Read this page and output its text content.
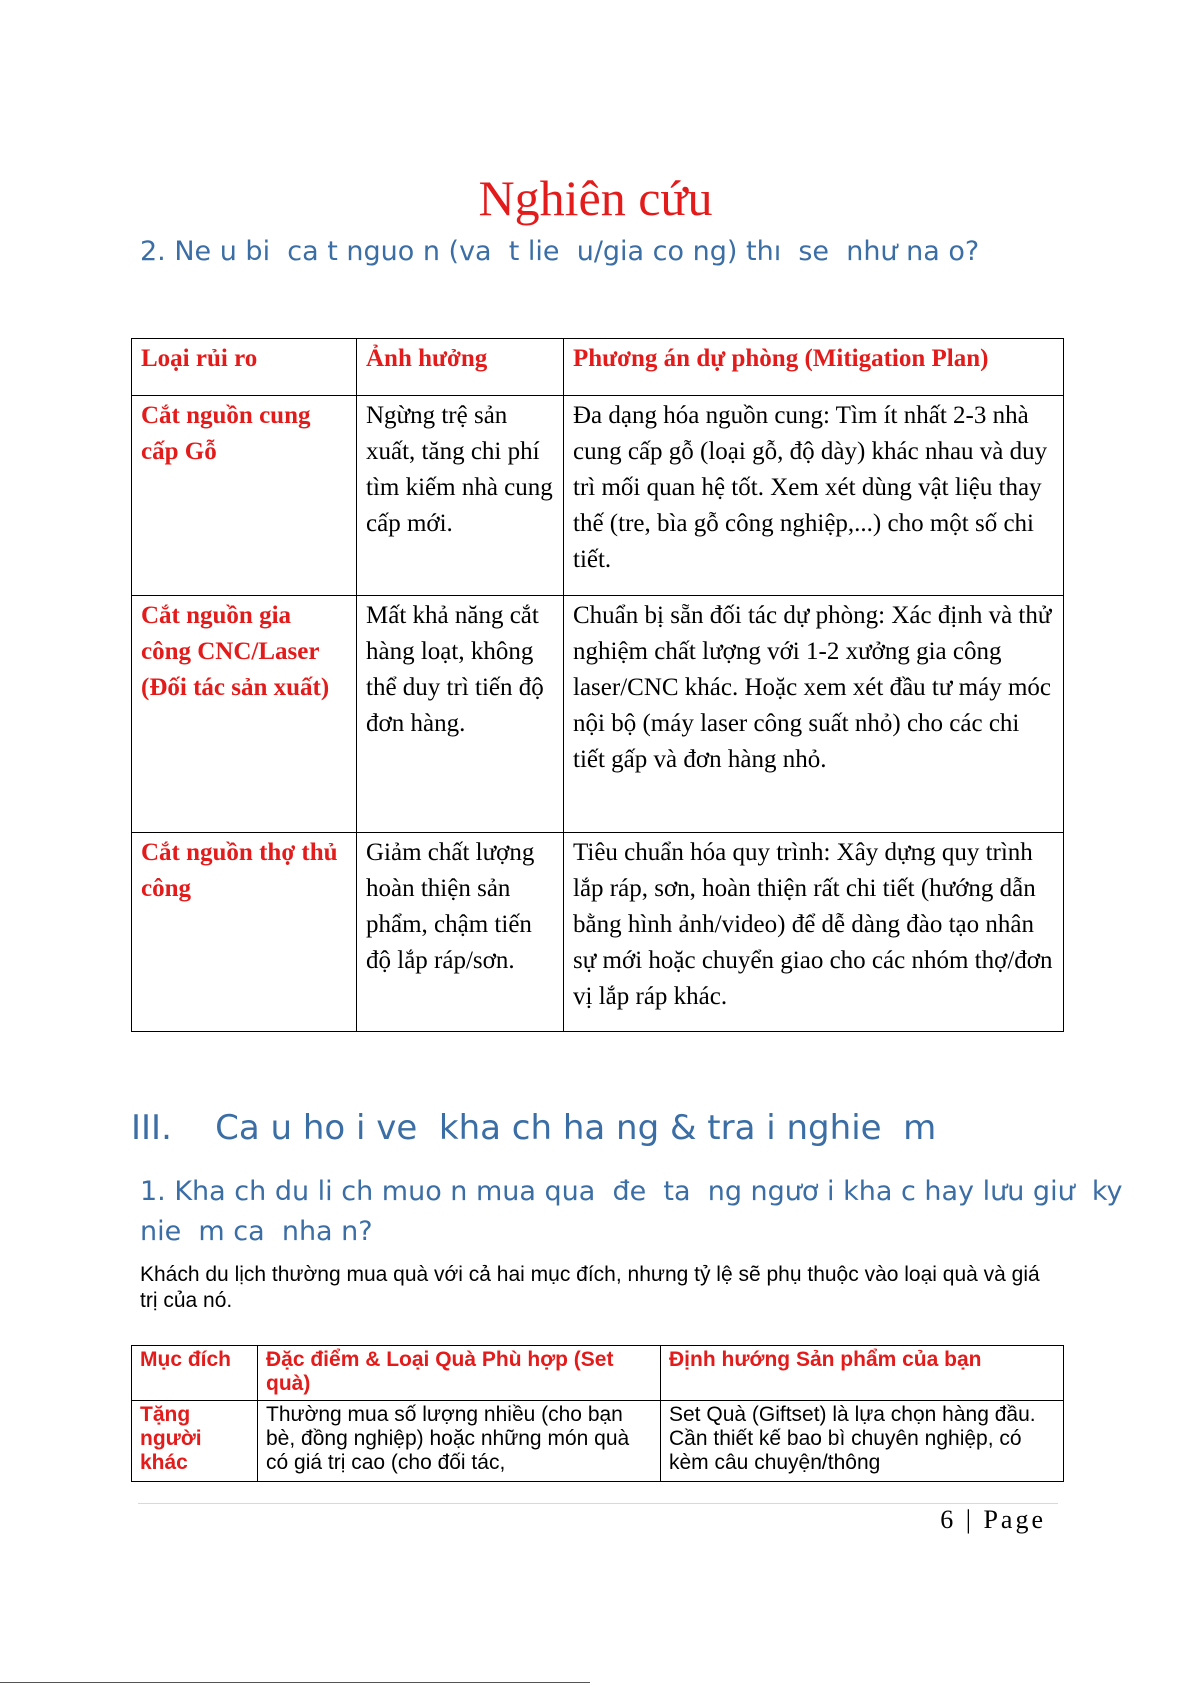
Nghiên cứu
2. Ne u bi  ca t nguo n (va  t lie  u/gia co ng) thı  se  như na o?
Loại rủi ro	Ảnh hưởng	Phương án dự phòng (Mitigation Plan)
Cắt nguồn cung cấp Gỗ	Ngừng trệ sản xuất, tăng chi phí tìm kiếm nhà cung cấp mới.	Đa dạng hóa nguồn cung: Tìm ít nhất 2-3 nhà cung cấp gỗ (loại gỗ, độ dày) khác nhau và duy trì mối quan hệ tốt. Xem xét dùng vật liệu thay thế (tre, bìa gỗ công nghiệp,...) cho một số chi tiết.
Cắt nguồn gia công CNC/Laser (Đối tác sản xuất)	Mất khả năng cắt hàng loạt, không thể duy trì tiến độ đơn hàng.	Chuẩn bị sẵn đối tác dự phòng: Xác định và thử nghiệm chất lượng với 1-2 xưởng gia công laser/CNC khác. Hoặc xem xét đầu tư máy móc nội bộ (máy laser công suất nhỏ) cho các chi tiết gấp và đơn hàng nhỏ.
Cắt nguồn thợ thủ công	Giảm chất lượng hoàn thiện sản phẩm, chậm tiến độ lắp ráp/sơn.	Tiêu chuẩn hóa quy trình: Xây dựng quy trình lắp ráp, sơn, hoàn thiện rất chi tiết (hướng dẫn bằng hình ảnh/video) để dễ dàng đào tạo nhân sự mới hoặc chuyển giao cho các nhóm thợ/đơn vị lắp ráp khác.
III.    Ca u ho i ve  kha ch ha ng & tra i nghie  m
1. Kha ch du li ch muo n mua qua  đe  ta  ng ngươ i kha c hay lưu giư  ky
nie  m ca  nha n?
Khách du lịch thường mua quà với cả hai mục đích, nhưng tỷ lệ sẽ phụ thuộc vào loại quà và giá trị của nó.
Mục đích	Đặc điểm & Loại Quà Phù hợp (Set quà)	Định hướng Sản phẩm của bạn
Tặng người khác	Thường mua số lượng nhiều (cho bạn bè, đồng nghiệp) hoặc những món quà có giá trị cao (cho đối tác,	Set Quà (Giftset) là lựa chọn hàng đầu. Cần thiết kế bao bì chuyên nghiệp, có kèm câu chuyện/thông
6 | Page
